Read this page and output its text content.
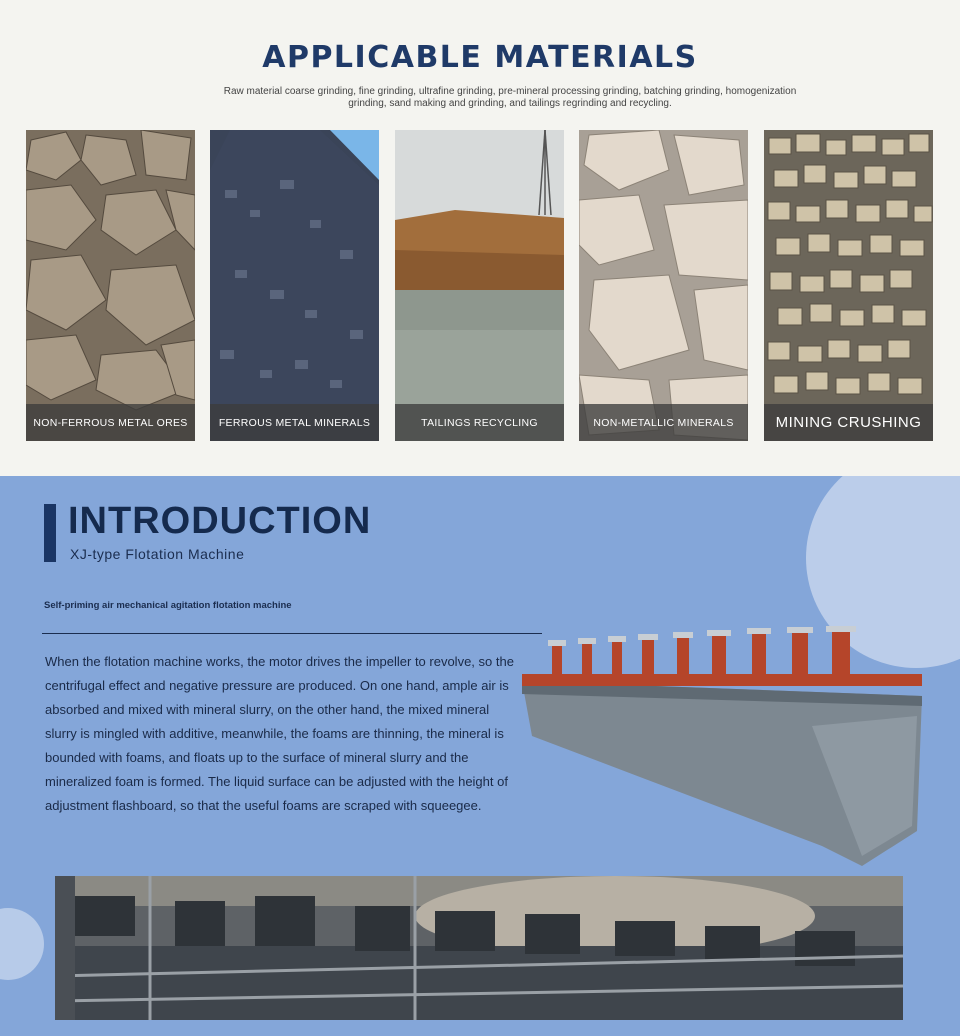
APPLICABLE MATERIALS

Raw material coarse grinding, fine grinding, ultrafine grinding, pre-mineral processing grinding, batching grinding, homogenization grinding, sand making and grinding, and tailings regrinding and recycling.

NON-FERROUS METAL ORES	FERROUS METAL MINERALS	TAILINGS RECYCLING	NON-METALLIC MINERALS	MINING CRUSHING
INTRODUCTION

XJ-type Flotation Machine

Self-priming air mechanical agitation flotation machine

When the flotation machine works, the motor drives the impeller to revolve, so the centrifugal effect and negative pressure are produced. On one hand, ample air is absorbed and mixed with mineral slurry, on the other hand, the mixed mineral slurry is mingled with additive, meanwhile, the foams are thinning, the mineral is bounded with foams, and floats up to the surface of mineral slurry and the mineralized foam is formed. The liquid surface can be adjusted with the height of adjustment flashboard, so that the useful foams are scraped with squeegee.
